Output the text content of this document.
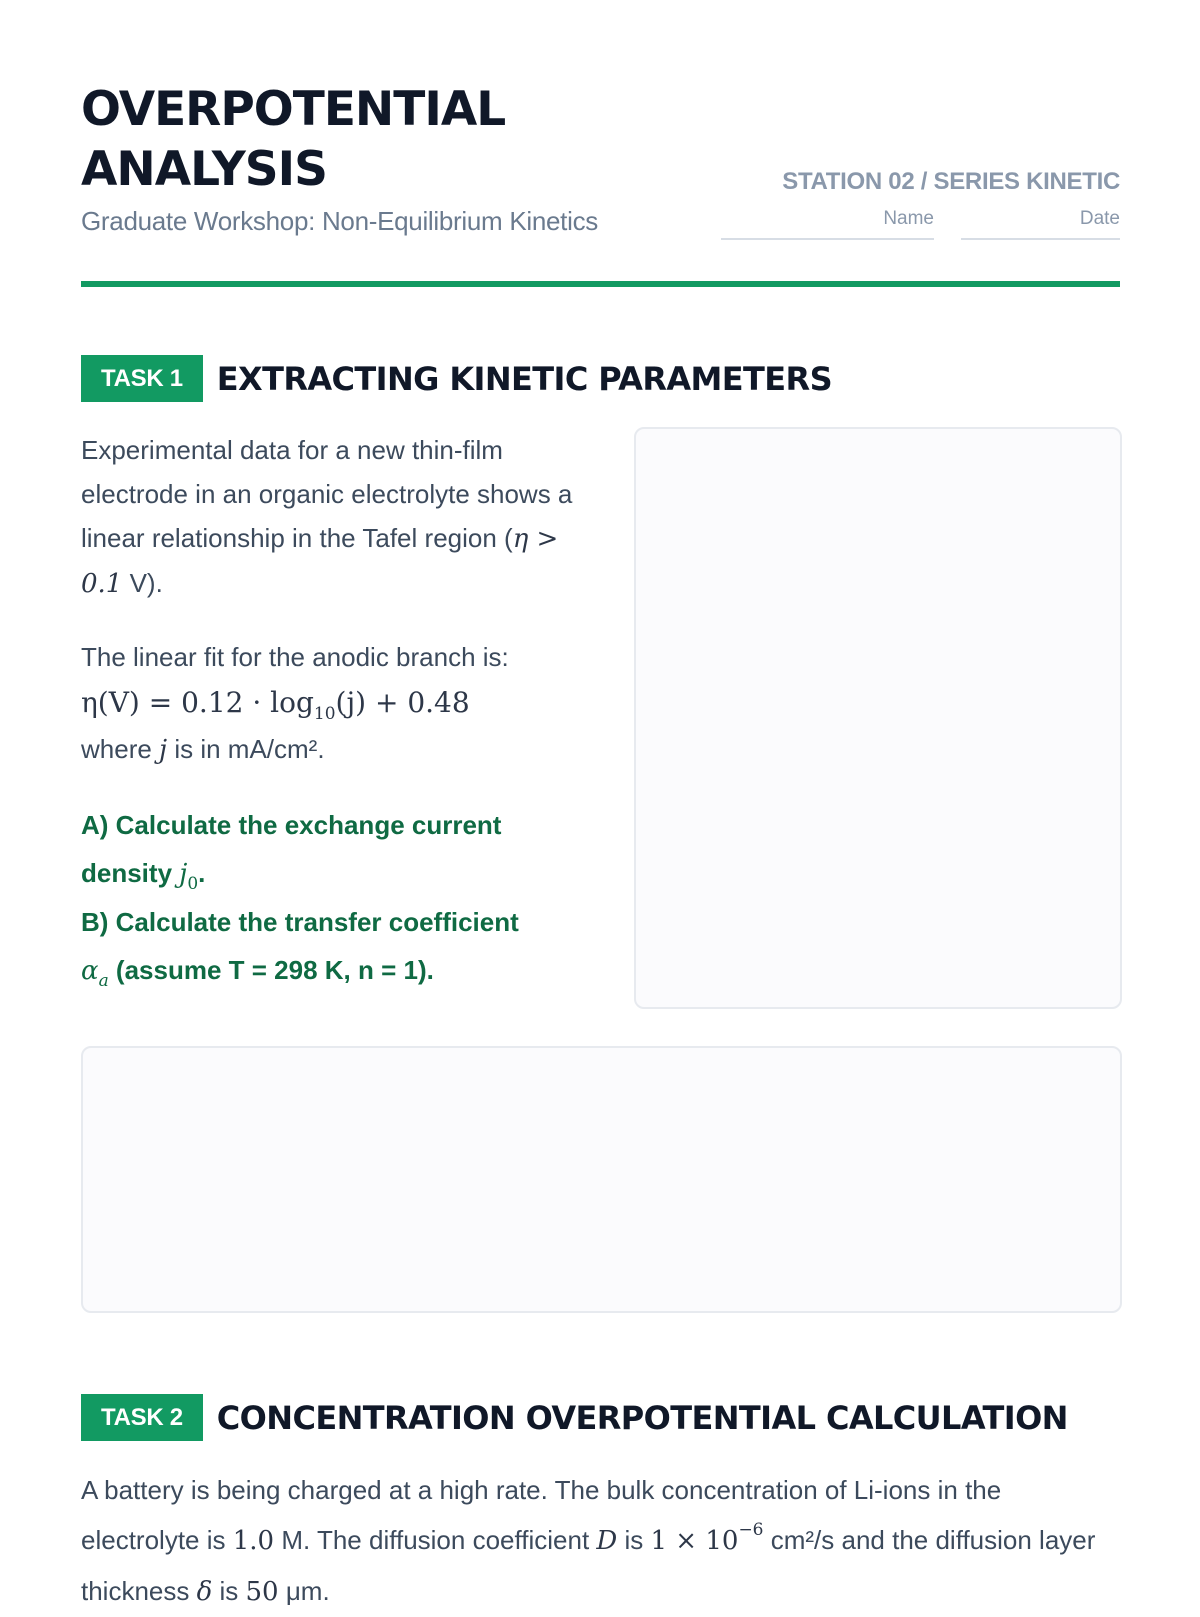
OVERPOTENTIAL
ANALYSIS
Graduate Workshop: Non-Equilibrium Kinetics
STATION 02 / SERIES KINETIC
Name	Date
TASK 1	EXTRACTING KINETIC PARAMETERS

Experimental data for a new thin-film electrode in an organic electrolyte shows a linear relationship in the Tafel region (η > 0.1 V).

The linear fit for the anodic branch is:
$\eta(V) = 0.12 \cdot \log_{10}(j) + 0.48$
where j is in mA/cm².

A) Calculate the exchange current density $j_0$.
B) Calculate the transfer coefficient
$\alpha_a$ (assume T = 298 K, n = 1).
TASK 2	CONCENTRATION OVERPOTENTIAL CALCULATION
A battery is being charged at a high rate. The bulk concentration of Li-ions in the electrolyte is 1.0 M. The diffusion coefficient D is $1 \times 10^{-6}$ cm²/s and the diffusion layer thickness δ is 50 μm.
